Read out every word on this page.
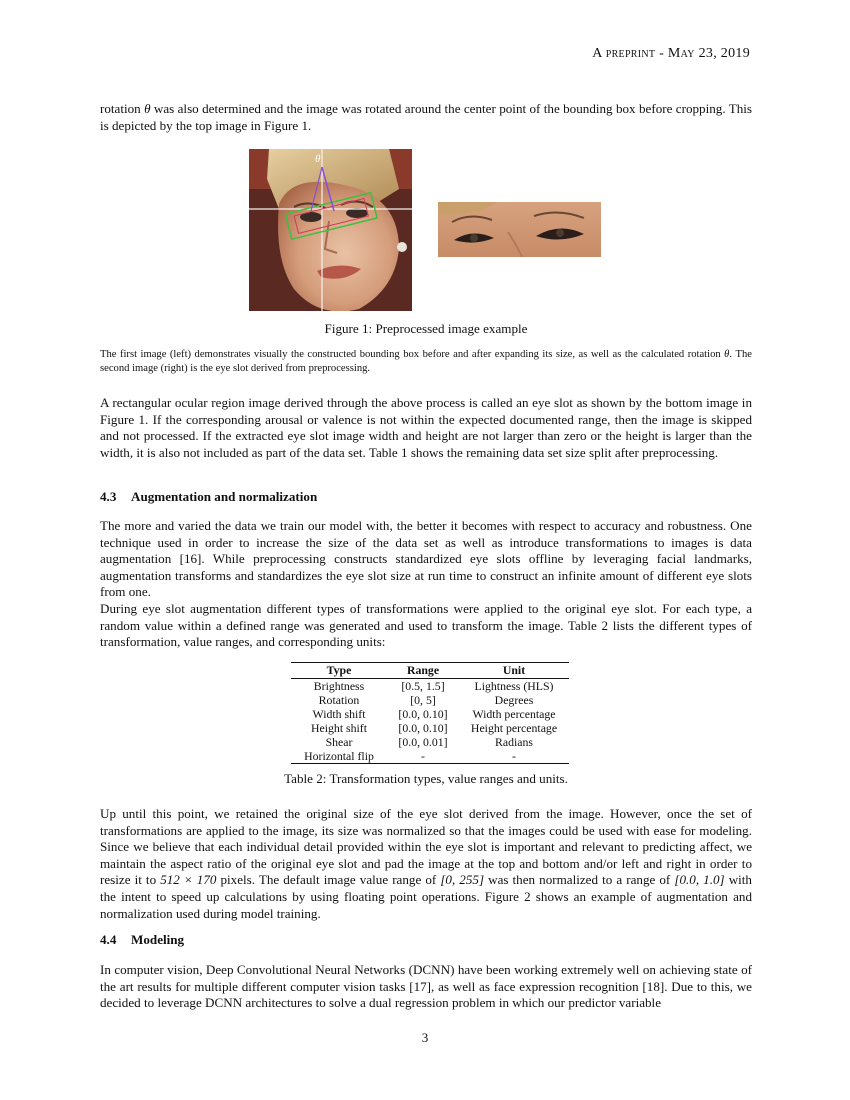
A preprint - May 23, 2019

rotation θ was also determined and the image was rotated around the center point of the bounding box before cropping. This is depicted by the top image in Figure 1.

θ
Figure 1: Preprocessed image example
The first image (left) demonstrates visually the constructed bounding box before and after expanding its size, as well as the calculated rotation θ. The second image (right) is the eye slot derived from preprocessing.

A rectangular ocular region image derived through the above process is called an eye slot as shown by the bottom image in Figure 1. If the corresponding arousal or valence is not within the expected documented range, then the image is skipped and not processed. If the extracted eye slot image width and height are not larger than zero or the height is larger than the width, it is also not included as part of the data set. Table 1 shows the remaining data set size split after preprocessing.

4.3 Augmentation and normalization

The more and varied the data we train our model with, the better it becomes with respect to accuracy and robustness. One technique used in order to increase the size of the data set as well as introduce transformations to images is data augmentation [16]. While preprocessing constructs standardized eye slots offline by leveraging facial landmarks, augmentation transforms and standardizes the eye slot size at run time to construct an infinite amount of different eye slots from one.

During eye slot augmentation different types of transformations were applied to the original eye slot. For each type, a random value within a defined range was generated and used to transform the image. Table 2 lists the different types of transformation, value ranges, and corresponding units:

Type	Range	Unit
Brightness	[0.5, 1.5]	Lightness (HLS)
Rotation	[0, 5]	Degrees
Width shift	[0.0, 0.10]	Width percentage
Height shift	[0.0, 0.10]	Height percentage
Shear	[0.0, 0.01]	Radians
Horizontal flip	-	-
Table 2: Transformation types, value ranges and units.

Up until this point, we retained the original size of the eye slot derived from the image. However, once the set of transformations are applied to the image, its size was normalized so that the images could be used with ease for modeling. Since we believe that each individual detail provided within the eye slot is important and relevant to predicting affect, we maintain the aspect ratio of the original eye slot and pad the image at the top and bottom and/or left and right in order to resize it to 512 × 170 pixels. The default image value range of [0, 255] was then normalized to a range of [0.0, 1.0] with the intent to speed up calculations by using floating point operations. Figure 2 shows an example of augmentation and normalization used during model training.

4.4 Modeling

In computer vision, Deep Convolutional Neural Networks (DCNN) have been working extremely well on achieving state of the art results for multiple different computer vision tasks [17], as well as face expression recognition [18]. Due to this, we decided to leverage DCNN architectures to solve a dual regression problem in which our predictor variable

3
